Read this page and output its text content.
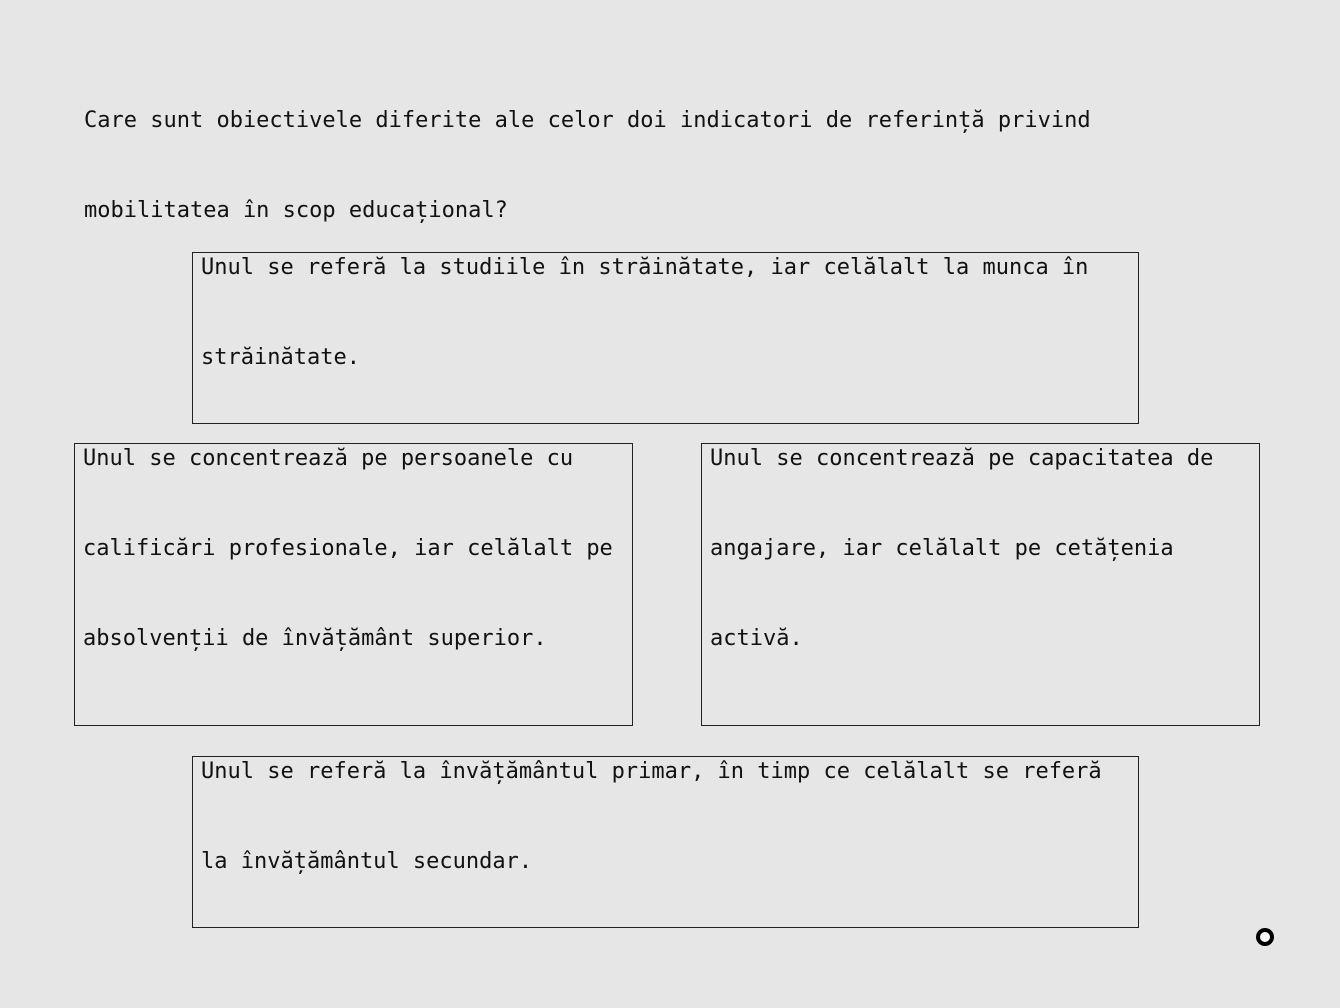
Care sunt obiectivele diferite ale celor doi indicatori de referință privind mobilitatea în scop educațional?

Unul se referă la studiile în străinătate, iar celălalt la munca în străinătate.
Unul se concentrează pe persoanele cu calificări profesionale, iar celălalt pe absolvenții de învățământ superior.
Unul se concentrează pe capacitatea de angajare, iar celălalt pe cetățenia activă.
Unul se referă la învățământul primar, în timp ce celălalt se referă la învățământul secundar.
